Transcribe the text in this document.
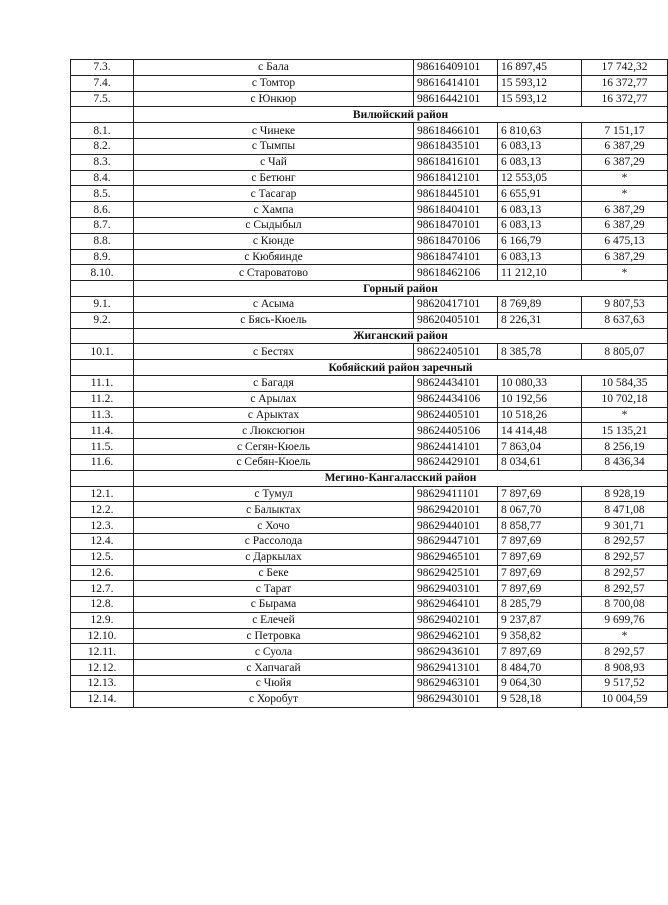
7.3.	с Бала	98616409101	16 897,45	17 742,32
7.4.	с Томтор	98616414101	15 593,12	16 372,77
7.5.	с Юнкюр	98616442101	15 593,12	16 372,77
	Вилюйский район			
8.1.	с Чинеке	98618466101	6 810,63	7 151,17
8.2.	с Тымпы	98618435101	6 083,13	6 387,29
8.3.	с Чай	98618416101	6 083,13	6 387,29
8.4.	с Бетюнг	98618412101	12 553,05	*
8.5.	с Тасагар	98618445101	6 655,91	*
8.6.	с Хампа	98618404101	6 083,13	6 387,29
8.7.	с Сыдыбыл	98618470101	6 083,13	6 387,29
8.8.	с Кюнде	98618470106	6 166,79	6 475,13
8.9.	с Кюбяинде	98618474101	6 083,13	6 387,29
8.10.	с Староватово	98618462106	11 212,10	*
	Горный район			
9.1.	с Асыма	98620417101	8 769,89	9 807,53
9.2.	с Бясь-Кюель	98620405101	8 226,31	8 637,63
	Жиганский район			
10.1.	с Бестях	98622405101	8 385,78	8 805,07
	Кобяйский район заречный			
11.1.	с Багадя	98624434101	10 080,33	10 584,35
11.2.	с Арылах	98624434106	10 192,56	10 702,18
11.3.	с Арыктах	98624405101	10 518,26	*
11.4.	с Люксюгюн	98624405106	14 414,48	15 135,21
11.5.	с Сегян-Кюель	98624414101	7 863,04	8 256,19
11.6.	с Себян-Кюель	98624429101	8 034,61	8 436,34
	Мегино-Кангаласский район			
12.1.	с Тумул	98629411101	7 897,69	8 928,19
12.2.	с Балыктах	98629420101	8 067,70	8 471,08
12.3.	с Хочо	98629440101	8 858,77	9 301,71
12.4.	с Рассолода	98629447101	7 897,69	8 292,57
12.5.	с Даркылах	98629465101	7 897,69	8 292,57
12.6.	с Беке	98629425101	7 897,69	8 292,57
12.7.	с Тарат	98629403101	7 897,69	8 292,57
12.8.	с Бырама	98629464101	8 285,79	8 700,08
12.9.	с Елечей	98629402101	9 237,87	9 699,76
12.10.	с Петровка	98629462101	9 358,82	*
12.11.	с Суола	98629436101	7 897,69	8 292,57
12.12.	с Хапчагай	98629413101	8 484,70	8 908,93
12.13.	с Чюйя	98629463101	9 064,30	9 517,52
12.14.	с Хоробут	98629430101	9 528,18	10 004,59
